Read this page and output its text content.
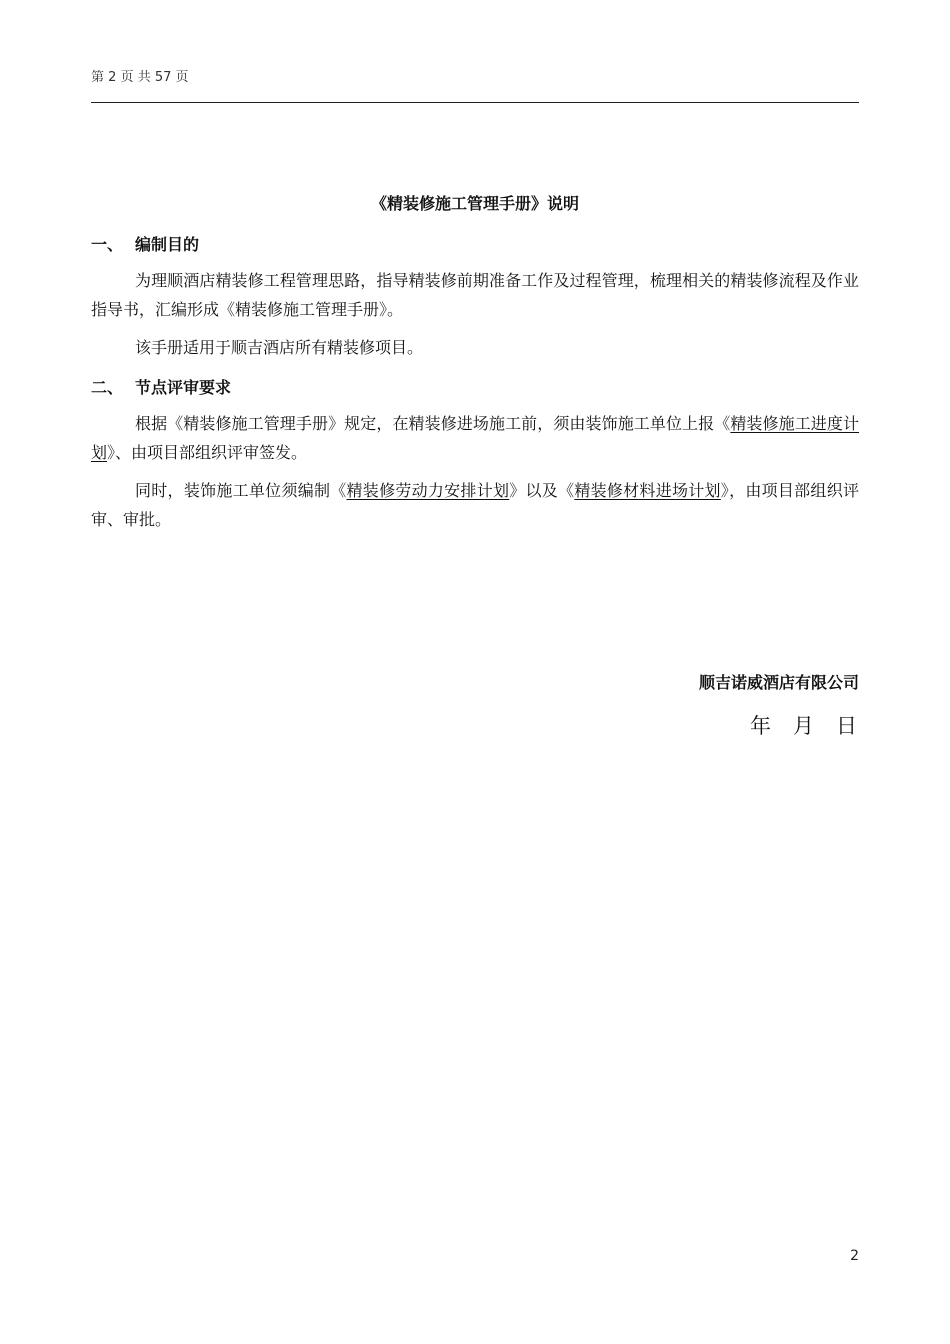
第 2 页 共 57 页
《精装修施工管理手册》说明
一、 编制目的

为理顺酒店精装修工程管理思路，指导精装修前期准备工作及过程管理，梳理相关的精装修流程及作业指导书，汇编形成《精装修施工管理手册》。

该手册适用于顺吉酒店所有精装修项目。

二、 节点评审要求

根据《精装修施工管理手册》规定，在精装修进场施工前，须由装饰施工单位上报《精装修施工进度计划》、由项目部组织评审签发。

同时，装饰施工单位须编制《精装修劳动力安排计划》以及《精装修材料进场计划》，由项目部组织评审、审批。

顺吉诺威酒店有限公司
年 月 日
2
